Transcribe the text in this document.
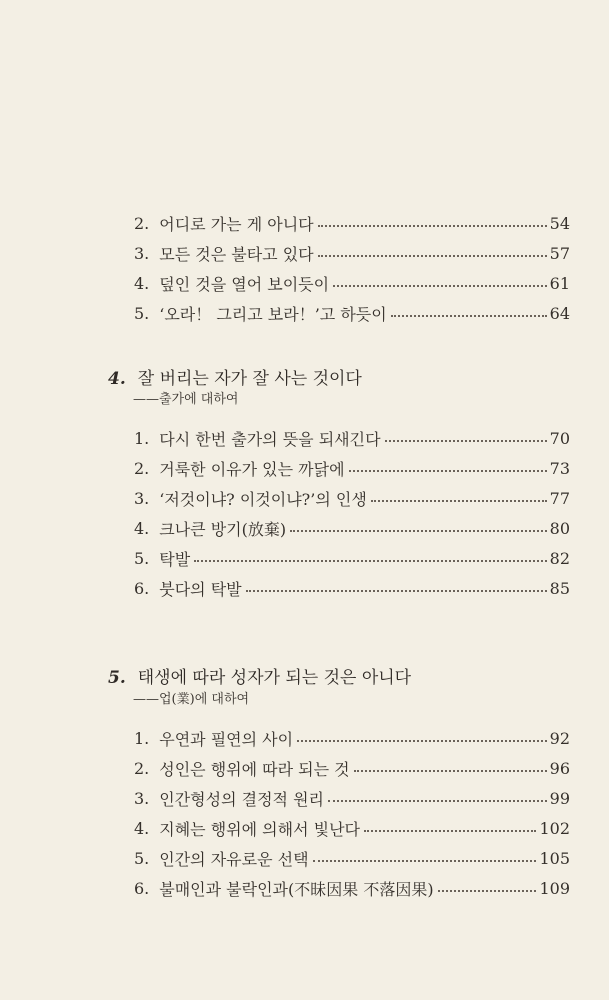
2. 어디로 가는 게 아니다	54
3. 모든 것은 불타고 있다	57
4. 덮인 것을 열어 보이듯이	61
5. ‘오라！ 그리고 보라！’고 하듯이	64
4. 잘 버리는 자가 잘 사는 것이다
——출가에 대하여
1. 다시 한번 출가의 뜻을 되새긴다	70
2. 거룩한 이유가 있는 까닭에	73
3. ‘저것이냐? 이것이냐?’의 인생	77
4. 크나큰 방기(放棄)	80
5. 탁발	82
6. 붓다의 탁발	85
5. 태생에 따라 성자가 되는 것은 아니다
——업(業)에 대하여
1. 우연과 필연의 사이	92
2. 성인은 행위에 따라 되는 것	96
3. 인간형성의 결정적 원리	99
4. 지혜는 행위에 의해서 빛난다	102
5. 인간의 자유로운 선택	105
6. 불매인과 불락인과(不昧因果 不落因果)	109
